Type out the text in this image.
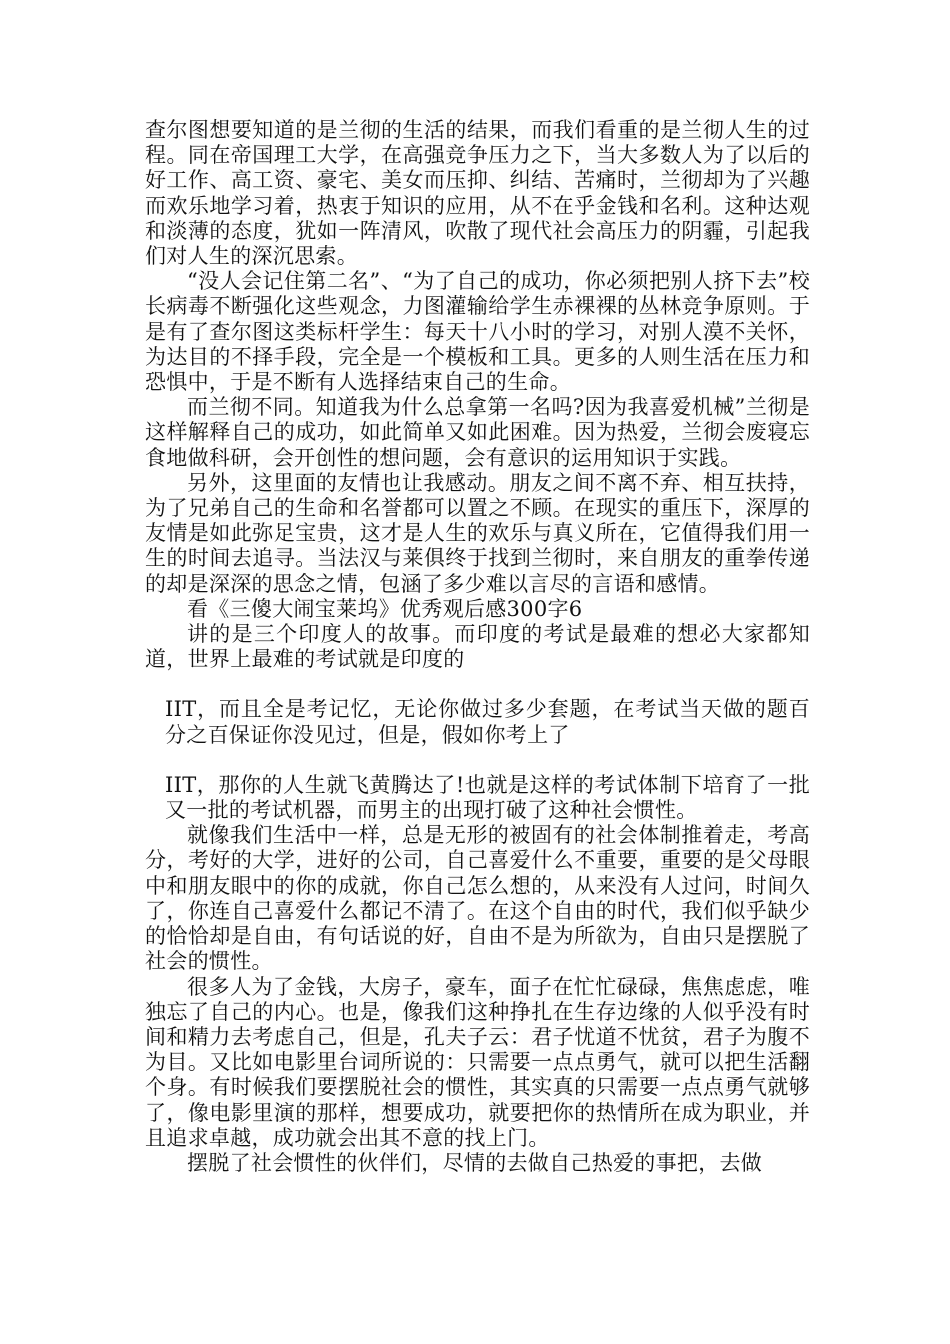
查尔图想要知道的是兰彻的生活的结果，而我们看重的是兰彻人生的过程。同在帝国理工大学，在高强竞争压力之下，当大多数人为了以后的好工作、高工资、豪宅、美女而压抑、纠结、苦痛时，兰彻却为了兴趣而欢乐地学习着，热衷于知识的应用，从不在乎金钱和名利。这种达观和淡薄的态度，犹如一阵清风，吹散了现代社会高压力的阴霾，引起我们对人生的深沉思索。

“没人会记住第二名”、“为了自己的成功，你必须把别人挤下去”校长病毒不断强化这些观念，力图灌输给学生赤裸裸的丛林竞争原则。于是有了查尔图这类标杆学生：每天十八小时的学习，对别人漠不关怀，为达目的不择手段，完全是一个模板和工具。更多的人则生活在压力和恐惧中，于是不断有人选择结束自己的生命。

而兰彻不同。知道我为什么总拿第一名吗?因为我喜爱机械”兰彻是这样解释自己的成功，如此简单又如此困难。因为热爱，兰彻会废寝忘食地做科研，会开创性的想问题，会有意识的运用知识于实践。

另外，这里面的友情也让我感动。朋友之间不离不弃、相互扶持，为了兄弟自己的生命和名誉都可以置之不顾。在现实的重压下，深厚的友情是如此弥足宝贵，这才是人生的欢乐与真义所在，它值得我们用一生的时间去追寻。当法汉与莱俱终于找到兰彻时，来自朋友的重拳传递的却是深深的思念之情，包涵了多少难以言尽的言语和感情。

看《三傻大闹宝莱坞》优秀观后感300字6

讲的是三个印度人的故事。而印度的考试是最难的想必大家都知道，世界上最难的考试就是印度的

IIT，而且全是考记忆，无论你做过多少套题，在考试当天做的题百分之百保证你没见过，但是，假如你考上了

IIT，那你的人生就飞黄腾达了!也就是这样的考试体制下培育了一批又一批的考试机器，而男主的出现打破了这种社会惯性。

就像我们生活中一样，总是无形的被固有的社会体制推着走，考高分，考好的大学，进好的公司，自己喜爱什么不重要，重要的是父母眼中和朋友眼中的你的成就，你自己怎么想的，从来没有人过问，时间久了，你连自己喜爱什么都记不清了。在这个自由的时代，我们似乎缺少的恰恰却是自由，有句话说的好，自由不是为所欲为，自由只是摆脱了社会的惯性。

很多人为了金钱，大房子，豪车，面子在忙忙碌碌，焦焦虑虑，唯独忘了自己的内心。也是，像我们这种挣扎在生存边缘的人似乎没有时间和精力去考虑自己，但是，孔夫子云：君子忧道不忧贫，君子为腹不为目。又比如电影里台词所说的：只需要一点点勇气，就可以把生活翻个身。有时候我们要摆脱社会的惯性，其实真的只需要一点点勇气就够了，像电影里演的那样，想要成功，就要把你的热情所在成为职业，并且追求卓越，成功就会出其不意的找上门。

摆脱了社会惯性的伙伴们，尽情的去做自己热爱的事把，去做
